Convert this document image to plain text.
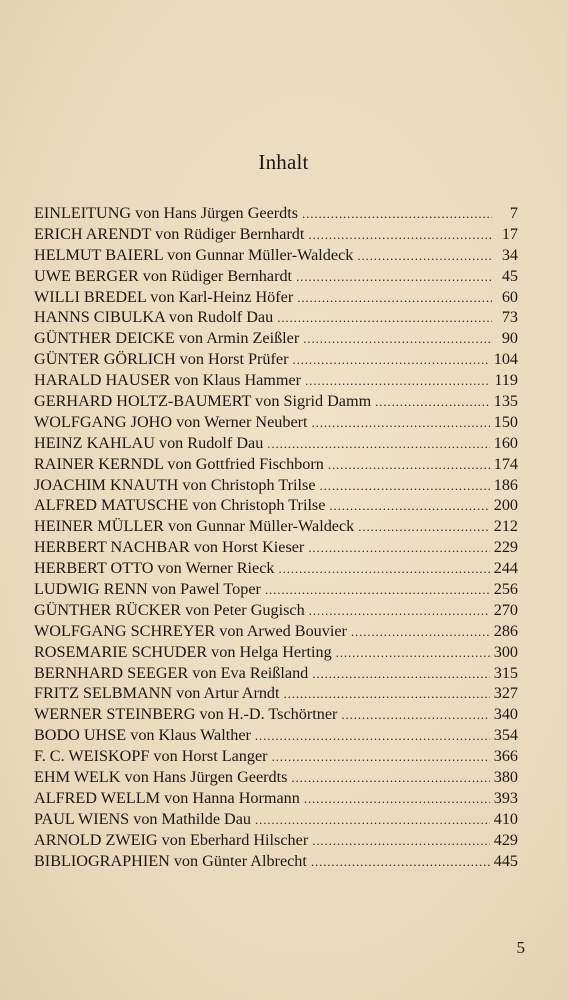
Inhalt
EINLEITUNG von Hans Jürgen Geerdts . . .	7
ERICH ARENDT von Rüdiger Bernhardt . . .	17
HELMUT BAIERL von Gunnar Müller-Waldeck . . .	34
UWE BERGER von Rüdiger Bernhardt . . .	45
WILLI BREDEL von Karl-Heinz Höfer . . .	60
HANNS CIBULKA von Rudolf Dau . . .	73
GÜNTHER DEICKE von Armin Zeißler . . .	90
GÜNTER GÖRLICH von Horst Prüfer . . .	104
HARALD HAUSER von Klaus Hammer . . .	119
GERHARD HOLTZ-BAUMERT von Sigrid Damm . . .	135
WOLFGANG JOHO von Werner Neubert . . .	150
HEINZ KAHLAU von Rudolf Dau . . .	160
RAINER KERNDL von Gottfried Fischborn . . .	174
JOACHIM KNAUTH von Christoph Trilse . . .	186
ALFRED MATUSCHE von Christoph Trilse . . .	200
HEINER MÜLLER von Gunnar Müller-Waldeck . . .	212
HERBERT NACHBAR von Horst Kieser . . .	229
HERBERT OTTO von Werner Rieck . . .	244
LUDWIG RENN von Pawel Toper . . .	256
GÜNTHER RÜCKER von Peter Gugisch . . .	270
WOLFGANG SCHREYER von Arwed Bouvier . . .	286
ROSEMARIE SCHUDER von Helga Herting . . .	300
BERNHARD SEEGER von Eva Reißland . . .	315
FRITZ SELBMANN von Artur Arndt . . .	327
WERNER STEINBERG von H.-D. Tschörtner . . .	340
BODO UHSE von Klaus Walther . . .	354
F. C. WEISKOPF von Horst Langer . . .	366
EHM WELK von Hans Jürgen Geerdts . . .	380
ALFRED WELLM von Hanna Hormann . . .	393
PAUL WIENS von Mathilde Dau . . .	410
ARNOLD ZWEIG von Eberhard Hilscher . . .	429
BIBLIOGRAPHIEN von Günter Albrecht . . .	445
5
